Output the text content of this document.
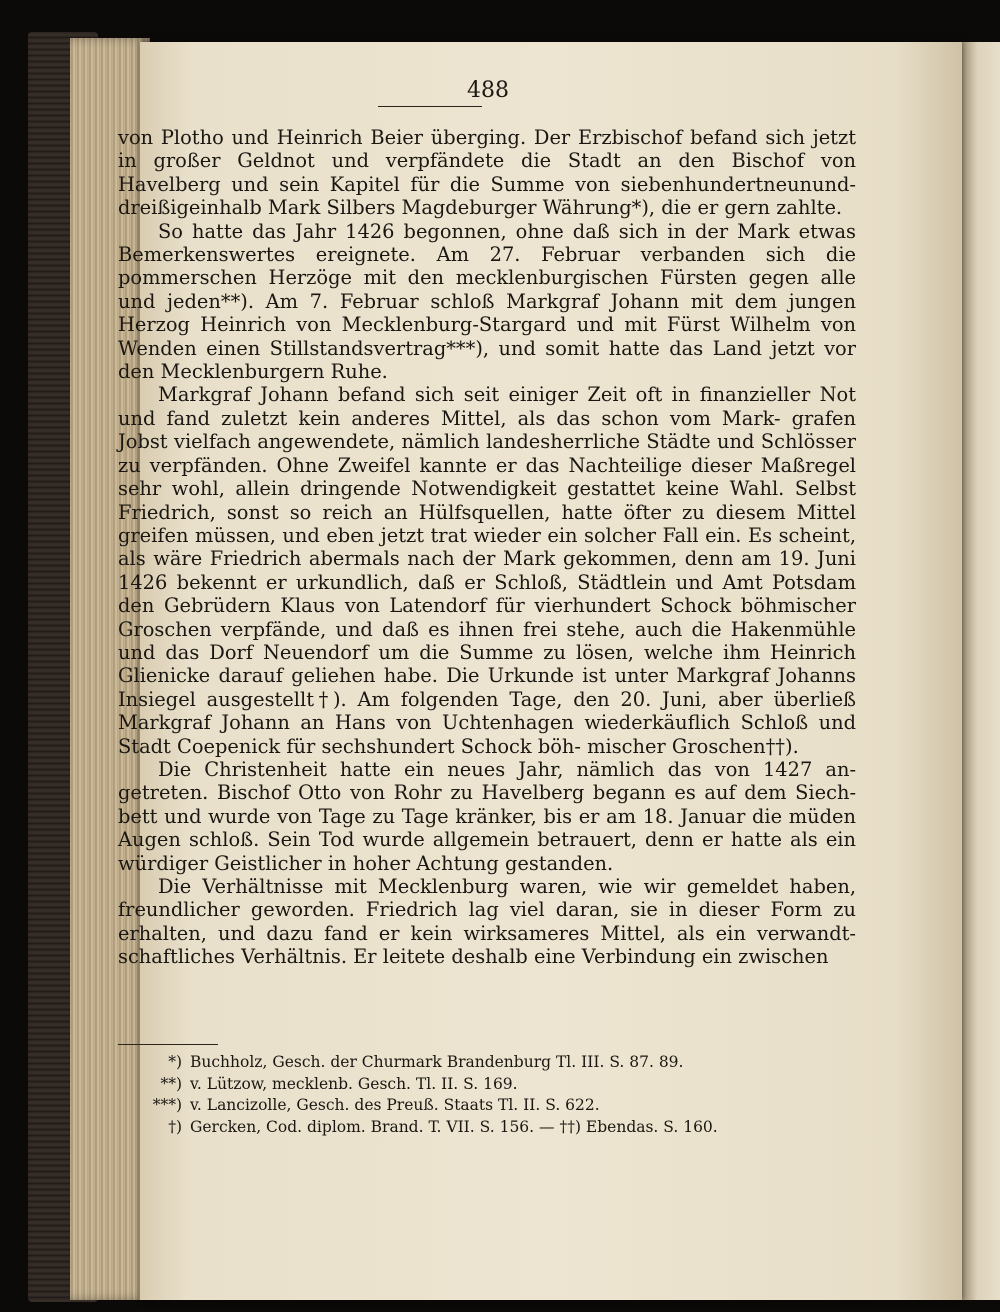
488

von Plotho und Heinrich Beier überging. Der Erzbischof befand sich jetzt in großer Geldnot und verpfändete die Stadt an den Bischof von Havelberg und sein Kapitel für die Summe von siebenhundertneunund- dreißigeinhalb Mark Silbers Magdeburger Währung*), die er gern zahlte.

So hatte das Jahr 1426 begonnen, ohne daß sich in der Mark etwas Bemerkenswertes ereignete. Am 27. Februar verbanden sich die pommerschen Herzöge mit den mecklenburgischen Fürsten gegen alle und jeden**). Am 7. Februar schloß Markgraf Johann mit dem jungen Herzog Heinrich von Mecklenburg-Stargard und mit Fürst Wilhelm von Wenden einen Stillstandsvertrag***), und somit hatte das Land jetzt vor den Mecklenburgern Ruhe.

Markgraf Johann befand sich seit einiger Zeit oft in finanzieller Not und fand zuletzt kein anderes Mittel, als das schon vom Mark- grafen Jobst vielfach angewendete, nämlich landesherrliche Städte und Schlösser zu verpfänden. Ohne Zweifel kannte er das Nachteilige dieser Maßregel sehr wohl, allein dringende Notwendigkeit gestattet keine Wahl. Selbst Friedrich, sonst so reich an Hülfsquellen, hatte öfter zu diesem Mittel greifen müssen, und eben jetzt trat wieder ein solcher Fall ein. Es scheint, als wäre Friedrich abermals nach der Mark gekommen, denn am 19. Juni 1426 bekennt er urkundlich, daß er Schloß, Städtlein und Amt Potsdam den Gebrüdern Klaus von Latendorf für vierhundert Schock böhmischer Groschen verpfände, und daß es ihnen frei stehe, auch die Hakenmühle und das Dorf Neuendorf um die Summe zu lösen, welche ihm Heinrich Glienicke darauf geliehen habe. Die Urkunde ist unter Markgraf Johanns Insiegel ausgestellt†). Am folgenden Tage, den 20. Juni, aber überließ Markgraf Johann an Hans von Uchtenhagen wiederkäuflich Schloß und Stadt Coepenick für sechshundert Schock böh- mischer Groschen††).

Die Christenheit hatte ein neues Jahr, nämlich das von 1427 an- getreten. Bischof Otto von Rohr zu Havelberg begann es auf dem Siech- bett und wurde von Tage zu Tage kränker, bis er am 18. Januar die müden Augen schloß. Sein Tod wurde allgemein betrauert, denn er hatte als ein würdiger Geistlicher in hoher Achtung gestanden.

Die Verhältnisse mit Mecklenburg waren, wie wir gemeldet haben, freundlicher geworden. Friedrich lag viel daran, sie in dieser Form zu erhalten, und dazu fand er kein wirksameres Mittel, als ein verwandt- schaftliches Verhältnis. Er leitete deshalb eine Verbindung ein zwischen

*) Buchholz, Gesch. der Churmark Brandenburg Tl. III. S. 87. 89.
**) v. Lützow, mecklenb. Gesch. Tl. II. S. 169.
***) v. Lancizolle, Gesch. des Preuß. Staats Tl. II. S. 622.
†) Gercken, Cod. diplom. Brand. T. VII. S. 156. — ††) Ebendas. S. 160.
